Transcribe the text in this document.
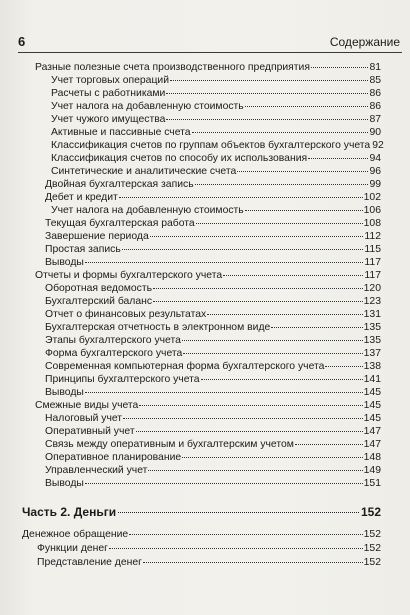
6	Содержание
Разные полезные счета производственного предприятия	81
Учет торговых операций	85
Расчеты с работниками	86
Учет налога на добавленную стоимость	86
Учет чужого имущества	87
Активные и пассивные счета	90
Классификация счетов по группам объектов бухгалтерского учета 92
Классификация счетов по способу их использования	94
Синтетические и аналитические счета	96
Двойная бухгалтерская запись	99
Дебет и кредит	102
Учет налога на добавленную стоимость	106
Текущая бухгалтерская работа	108
Завершение периода	112
Простая запись	115
Выводы	117
Отчеты и формы бухгалтерского учета	117
Оборотная ведомость	120
Бухгалтерский баланс	123
Отчет о финансовых результатах	131
Бухгалтерская отчетность в электронном виде	135
Этапы бухгалтерского учета	135
Форма бухгалтерского учета	137
Современная компьютерная форма бухгалтерского учета	138
Принципы бухгалтерского учета	141
Выводы	145
Смежные виды учета	145
Налоговый учет	145
Оперативный учет	147
Связь между оперативным и бухгалтерским учетом	147
Оперативное планирование	148
Управленческий учет	149
Выводы	151
Часть 2. Деньги	152
Денежное обращение	152
Функции денег	152
Представление денег	152
